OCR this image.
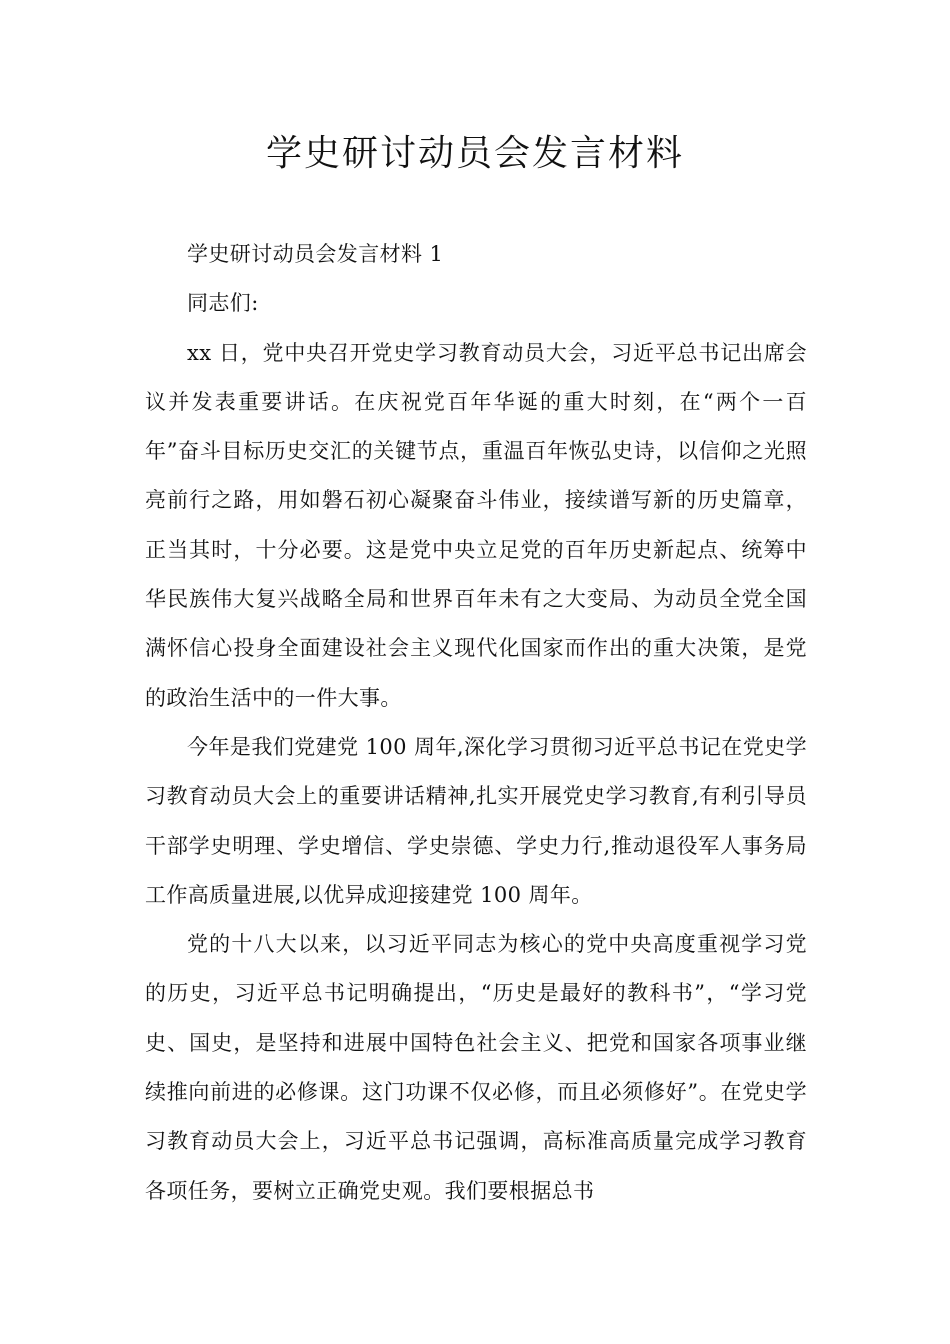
学史研讨动员会发言材料

学史研讨动员会发言材料 1

同志们:

xx 日，党中央召开党史学习教育动员大会，习近平总书记出席会议并发表重要讲话。在庆祝党百年华诞的重大时刻，在“两个一百年”奋斗目标历史交汇的关键节点，重温百年恢弘史诗，以信仰之光照亮前行之路，用如磐石初心凝聚奋斗伟业，接续谱写新的历史篇章，正当其时，十分必要。这是党中央立足党的百年历史新起点、统筹中华民族伟大复兴战略全局和世界百年未有之大变局、为动员全党全国满怀信心投身全面建设社会主义现代化国家而作出的重大决策，是党的政治生活中的一件大事。

今年是我们党建党 100 周年,深化学习贯彻习近平总书记在党史学习教育动员大会上的重要讲话精神,扎实开展党史学习教育,有利引导员干部学史明理、学史增信、学史崇德、学史力行,推动退役军人事务局工作高质量进展,以优异成迎接建党 100 周年。

党的十八大以来，以习近平同志为核心的党中央高度重视学习党的历史，习近平总书记明确提出，“历史是最好的教科书”，“学习党史、国史，是坚持和进展中国特色社会主义、把党和国家各项事业继续推向前进的必修课。这门功课不仅必修，而且必须修好”。在党史学习教育动员大会上，习近平总书记强调，高标准高质量完成学习教育各项任务，要树立正确党史观。我们要根据总书
